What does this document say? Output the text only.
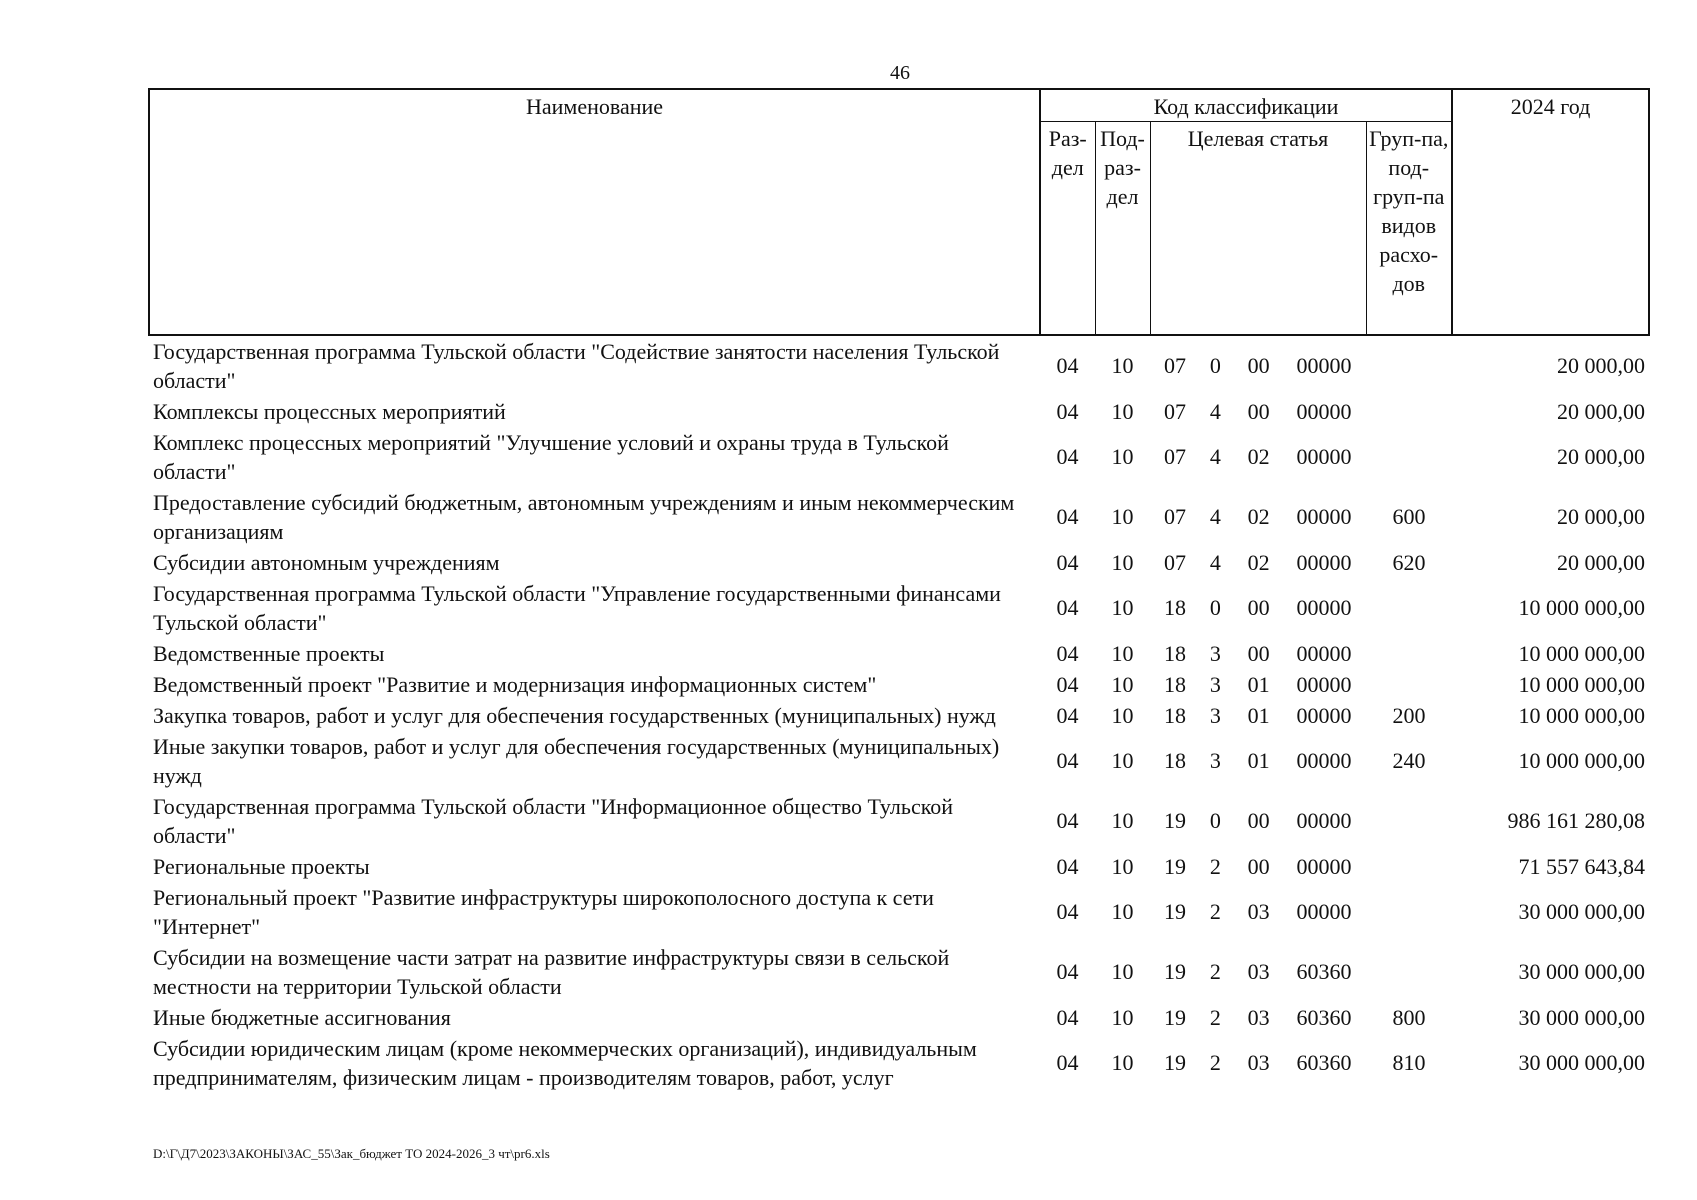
46
Наименование	Код классификации				2024 год
	Раз-дел	Под-раз-дел	Целевая статья	Груп-па, под-груп-па видов расхо-дов	
Государственная программа Тульской области "Содействие занятости населения Тульской области"	04	10	07 0 00 00000		20 000,00
Комплексы процессных мероприятий	04	10	07 4 00 00000		20 000,00
Комплекс процессных мероприятий "Улучшение условий и охраны труда в Тульской области"	04	10	07 4 02 00000		20 000,00
Предоставление субсидий бюджетным, автономным учреждениям и иным некоммерческим организациям	04	10	07 4 02 00000	600	20 000,00
Субсидии автономным учреждениям	04	10	07 4 02 00000	620	20 000,00
Государственная программа Тульской области "Управление государственными финансами Тульской области"	04	10	18 0 00 00000		10 000 000,00
Ведомственные проекты	04	10	18 3 00 00000		10 000 000,00
Ведомственный проект "Развитие и модернизация информационных систем"	04	10	18 3 01 00000		10 000 000,00
Закупка товаров, работ и услуг для обеспечения государственных (муниципальных) нужд	04	10	18 3 01 00000	200	10 000 000,00
Иные закупки товаров, работ и услуг для обеспечения государственных (муниципальных) нужд	04	10	18 3 01 00000	240	10 000 000,00
Государственная программа Тульской области "Информационное общество Тульской области"	04	10	19 0 00 00000		986 161 280,08
Региональные проекты	04	10	19 2 00 00000		71 557 643,84
Региональный проект "Развитие инфраструктуры широкополосного доступа к сети "Интернет"	04	10	19 2 03 00000		30 000 000,00
Субсидии на возмещение части затрат на развитие инфраструктуры связи в сельской местности на территории Тульской области	04	10	19 2 03 60360		30 000 000,00
Иные бюджетные ассигнования	04	10	19 2 03 60360	800	30 000 000,00
Субсидии юридическим лицам (кроме некоммерческих организаций), индивидуальным предпринимателям, физическим лицам - производителям товаров, работ, услуг	04	10	19 2 03 60360	810	30 000 000,00
D:\Г\Д7\2023\ЗАКОНЫ\ЗАС_55\Зак_бюджет ТО 2024-2026_3 чт\pr6.xls
